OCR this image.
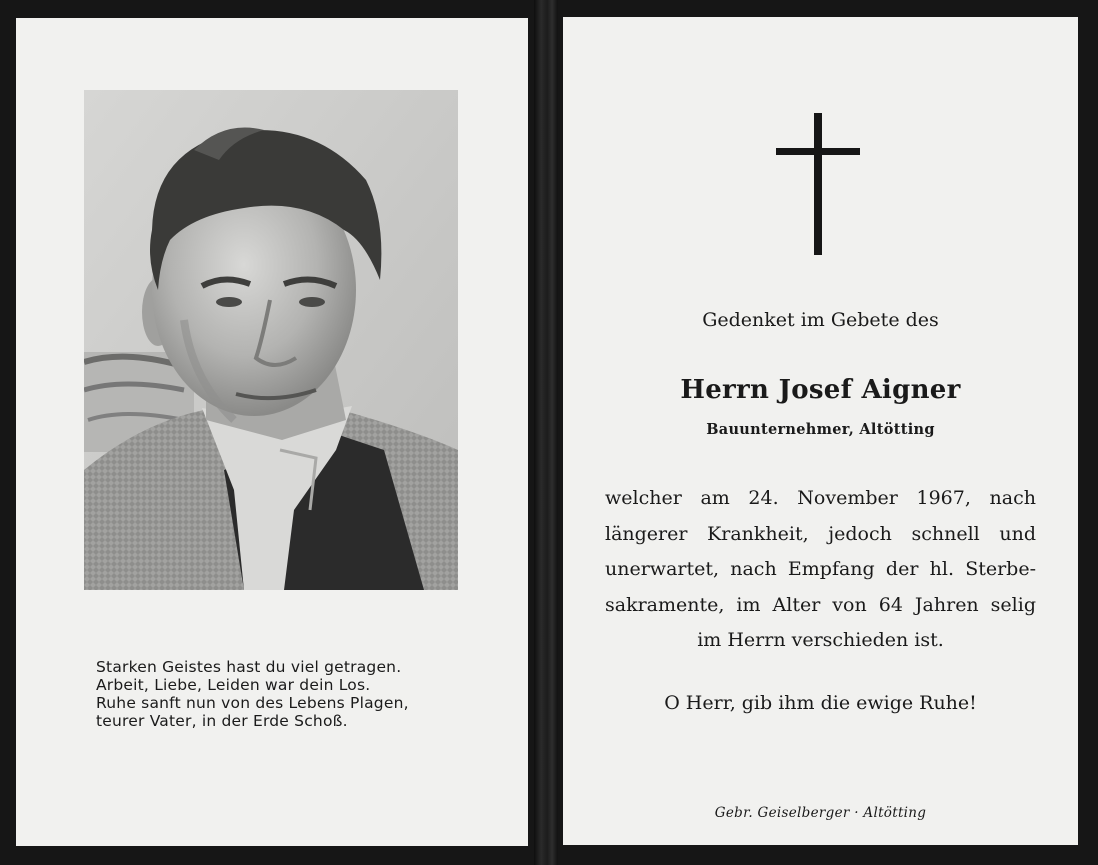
Starken Geistes hast du viel getragen.
Arbeit, Liebe, Leiden war dein Los.
Ruhe sanft nun von des Lebens Plagen,
teurer Vater, in der Erde Schoß.
Gedenket im Gebete des
Herrn Josef Aigner
Bauunternehmer, Altötting
welcher am 24. November 1967, nach
längerer Krankheit, jedoch schnell und
unerwartet, nach Empfang der hl. Sterbe-
sakramente, im Alter von 64 Jahren selig
im Herrn verschieden ist.
O Herr, gib ihm die ewige Ruhe!
Gebr. Geiselberger · Altötting
